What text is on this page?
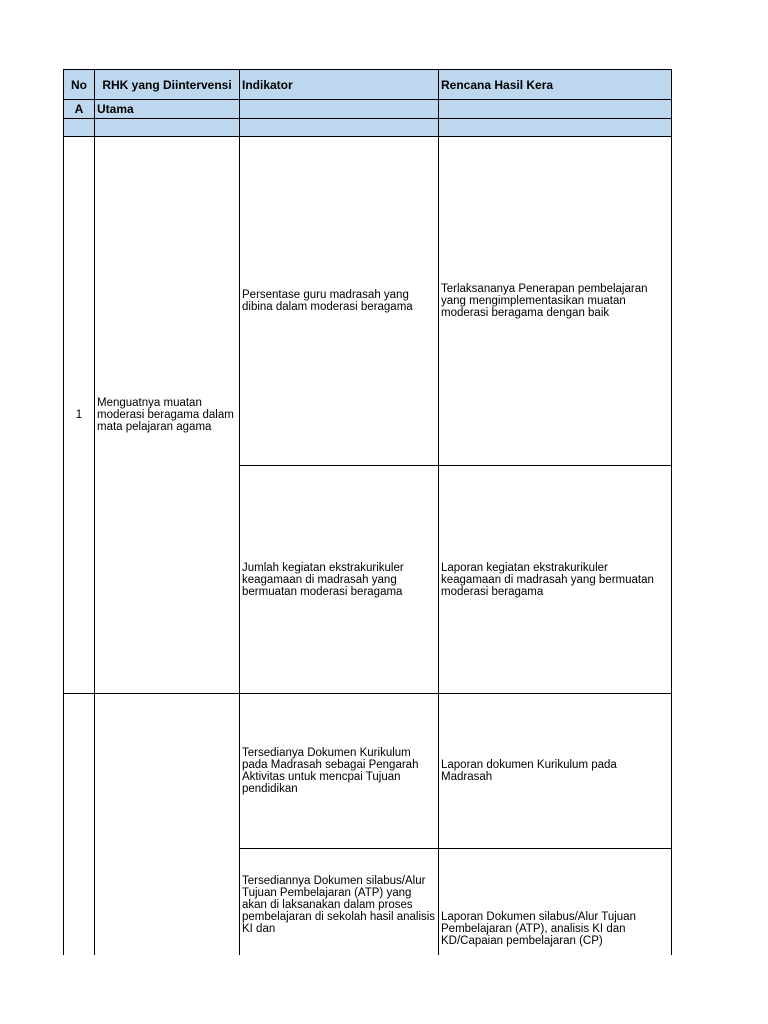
No	RHK yang Diintervensi	Indikator	Rencana Hasil Kera
A	Utama		

1	Menguatnya muatan moderasi beragama dalam mata pelajaran agama	Persentase guru madrasah yang dibina dalam moderasi beragama	Terlaksananya Penerapan pembelajaran yang mengimplementasikan muatan moderasi beragama dengan baik
		Jumlah kegiatan ekstrakurikuler keagamaan di madrasah yang bermuatan moderasi beragama	Laporan kegiatan ekstrakurikuler keagamaan di madrasah yang bermuatan moderasi beragama
		Tersedianya Dokumen Kurikulum pada Madrasah sebagai Pengarah Aktivitas untuk mencpai Tujuan pendidikan	Laporan dokumen Kurikulum pada Madrasah
		Tersediannya Dokumen silabus/Alur Tujuan Pembelajaran (ATP) yang akan di laksanakan dalam proses pembelajaran di sekolah hasil analisis KI dan	Laporan Dokumen silabus/Alur Tujuan Pembelajaran (ATP), analisis KI dan KD/Capaian pembelajaran (CP)
